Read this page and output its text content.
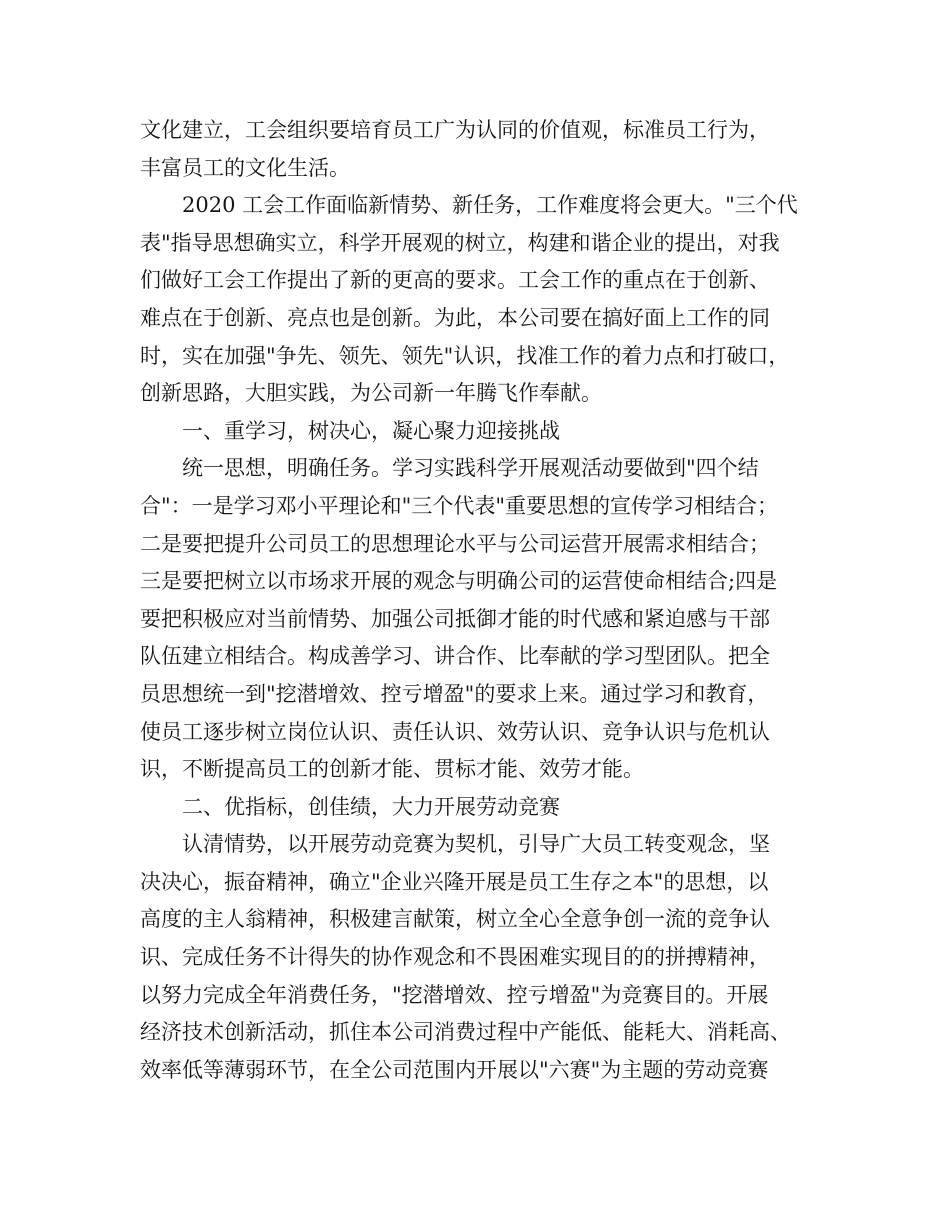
文化建立，工会组织要培育员工广为认同的价值观，标准员工行为，
丰富员工的文化生活。
2020 工会工作面临新情势、新任务，工作难度将会更大。"三个代
表"指导思想确实立，科学开展观的树立，构建和谐企业的提出，对我
们做好工会工作提出了新的更高的要求。工会工作的重点在于创新、
难点在于创新、亮点也是创新。为此，本公司要在搞好面上工作的同
时，实在加强"争先、领先、领先"认识，找准工作的着力点和打破口，
创新思路，大胆实践，为公司新一年腾飞作奉献。
一、重学习，树决心，凝心聚力迎接挑战
统一思想，明确任务。学习实践科学开展观活动要做到"四个结
合"：一是学习邓小平理论和"三个代表"重要思想的宣传学习相结合；
二是要把提升公司员工的思想理论水平与公司运营开展需求相结合；
三是要把树立以市场求开展的观念与明确公司的运营使命相结合;四是
要把积极应对当前情势、加强公司抵御才能的时代感和紧迫感与干部
队伍建立相结合。构成善学习、讲合作、比奉献的学习型团队。把全
员思想统一到"挖潜增效、控亏增盈"的要求上来。通过学习和教育，
使员工逐步树立岗位认识、责任认识、效劳认识、竞争认识与危机认
识，不断提高员工的创新才能、贯标才能、效劳才能。
二、优指标，创佳绩，大力开展劳动竞赛
认清情势，以开展劳动竞赛为契机，引导广大员工转变观念，坚
决决心，振奋精神，确立"企业兴隆开展是员工生存之本"的思想，以
高度的主人翁精神，积极建言献策，树立全心全意争创一流的竞争认
识、完成任务不计得失的协作观念和不畏困难实现目的的拼搏精神，
以努力完成全年消费任务，"挖潜增效、控亏增盈"为竞赛目的。开展
经济技术创新活动，抓住本公司消费过程中产能低、能耗大、消耗高、
效率低等薄弱环节，在全公司范围内开展以"六赛"为主题的劳动竞赛
